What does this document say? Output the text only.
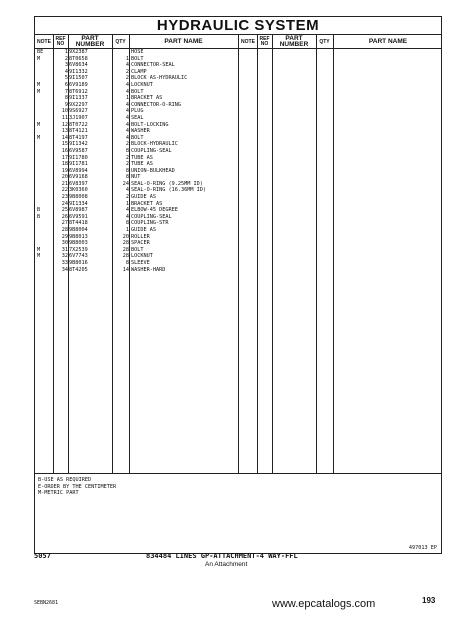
HYDRAULIC SYSTEM
NOTE REF NO
PART NUMBER	QTY	PART NAME	NOTE REF NO
PART NUMBER	QTY	PART NAME
BE	1 9X2387	HOSE
M	2 8T0658	1 BOLT
3 6V8634	4 CONNECTOR-SEAL
4 9I1332	2 CLAMP
5 9I1507	2 BLOCK AS-HYDRAULIC
M	6 6V9189	4 LOCKNUT
M	7 8T6912	4 BOLT
8 9I1337	1 BRACKET AS
9 9X2297	4 CONNECTOR-O-RING
10 9S6927	4 PLUG
11 3J1907	4 SEAL
M	12 8T0722	4 BOLT-LOCKING
13 8T4121	4 WASHER
M	14 8T4197	4 BOLT
15 9I1342	2 BLOCK-HYDRAULIC
16 6V9587	8 COUPLING-SEAL
17 9I1780	2 TUBE AS
18 9I1781	2 TUBE AS
19 6V8994	8 UNION-BULKHEAD
20 6V9168	8 NUT
21 6V8397	24 SEAL-O-RING (9.25MM ID)
22 3K0360	4 SEAL-O-RING (16.36MM ID)
23 9B8008	2 GUIDE AS
24 9I1334	1 BRACKET AS
B	25 6V8987	4 ELBOW-45 DEGREE
B	26 6V9591	4 COUPLING-SEAL
27 8T4418	8 COUPLING-STR
28 9B8004	1 GUIDE AS
29 9B8013	20 ROLLER
30 9B8003	28 SPACER
M	31 7X2539	28 BOLT
M	32 6V7743	28 LOCKNUT
33 9B8016	8 SLEEVE
34 8T4205	14 WASHER-HARD
B-USE AS REQUIRED
E-ORDER BY THE CENTIMETER
M-METRIC PART
497013 EP
5057	834484 LINES GP-ATTACHMENT-4 WAY-FFL
An Attachment
SEBN2681	www.epcatalogs.com	193
